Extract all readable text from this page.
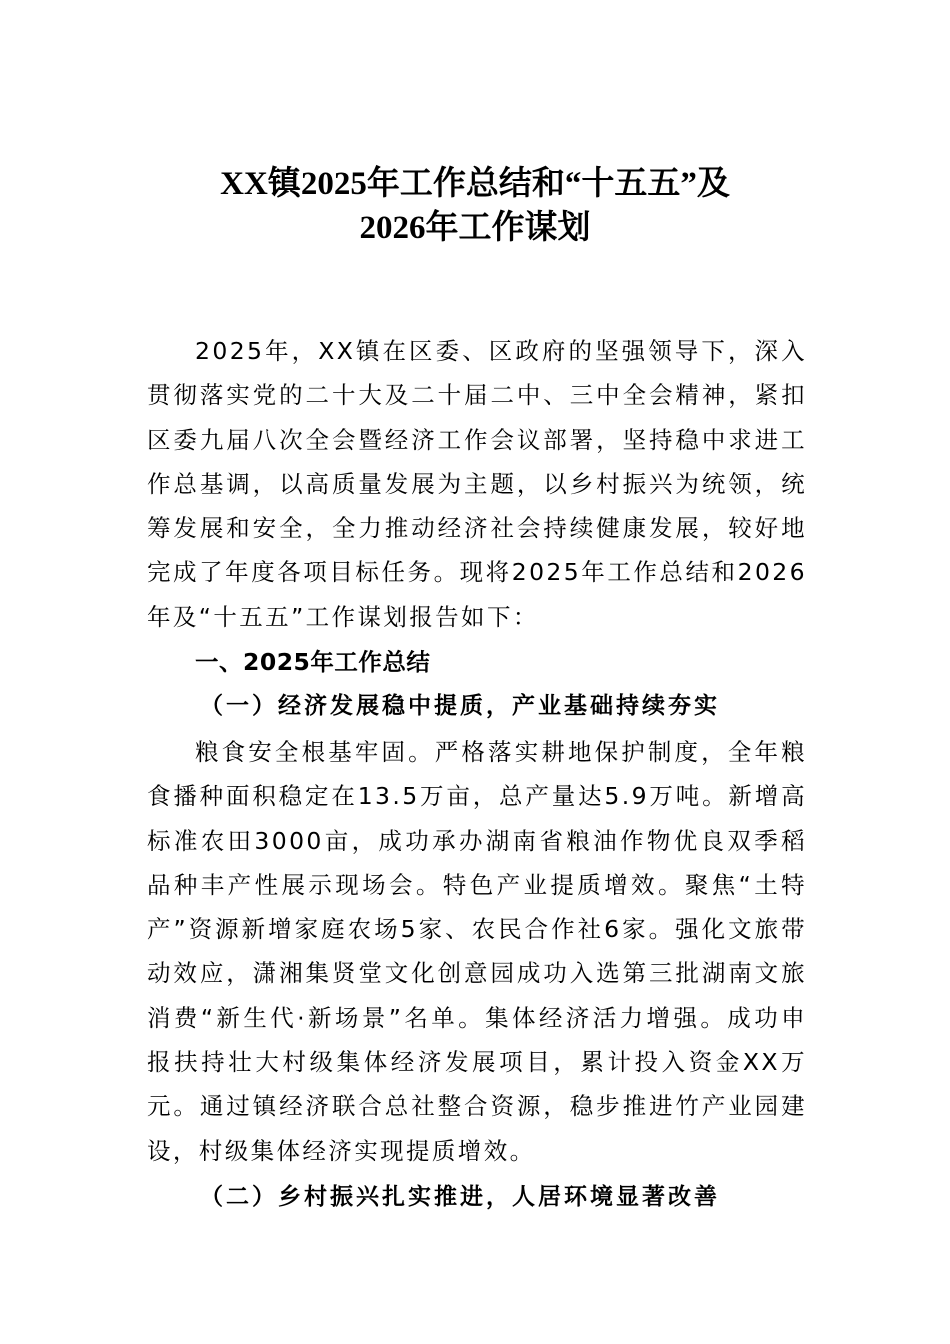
XX镇2025年工作总结和“十五五”及
2026年工作谋划

2025年，XX镇在区委、区政府的坚强领导下，深入贯彻落实党的二十大及二十届二中、三中全会精神，紧扣区委九届八次全会暨经济工作会议部署，坚持稳中求进工作总基调，以高质量发展为主题，以乡村振兴为统领，统筹发展和安全，全力推动经济社会持续健康发展，较好地完成了年度各项目标任务。现将2025年工作总结和2026年及“十五五”工作谋划报告如下：

一、2025年工作总结
（一）经济发展稳中提质，产业基础持续夯实

粮食安全根基牢固。严格落实耕地保护制度，全年粮食播种面积稳定在13.5万亩，总产量达5.9万吨。新增高标准农田3000亩，成功承办湖南省粮油作物优良双季稻品种丰产性展示现场会。特色产业提质增效。聚焦“土特产”资源新增家庭农场5家、农民合作社6家。强化文旅带动效应，潇湘集贤堂文化创意园成功入选第三批湖南文旅消费“新生代·新场景”名单。集体经济活力增强。成功申报扶持壮大村级集体经济发展项目，累计投入资金XX万元。通过镇经济联合总社整合资源，稳步推进竹产业园建设，村级集体经济实现提质增效。

（二）乡村振兴扎实推进，人居环境显著改善
